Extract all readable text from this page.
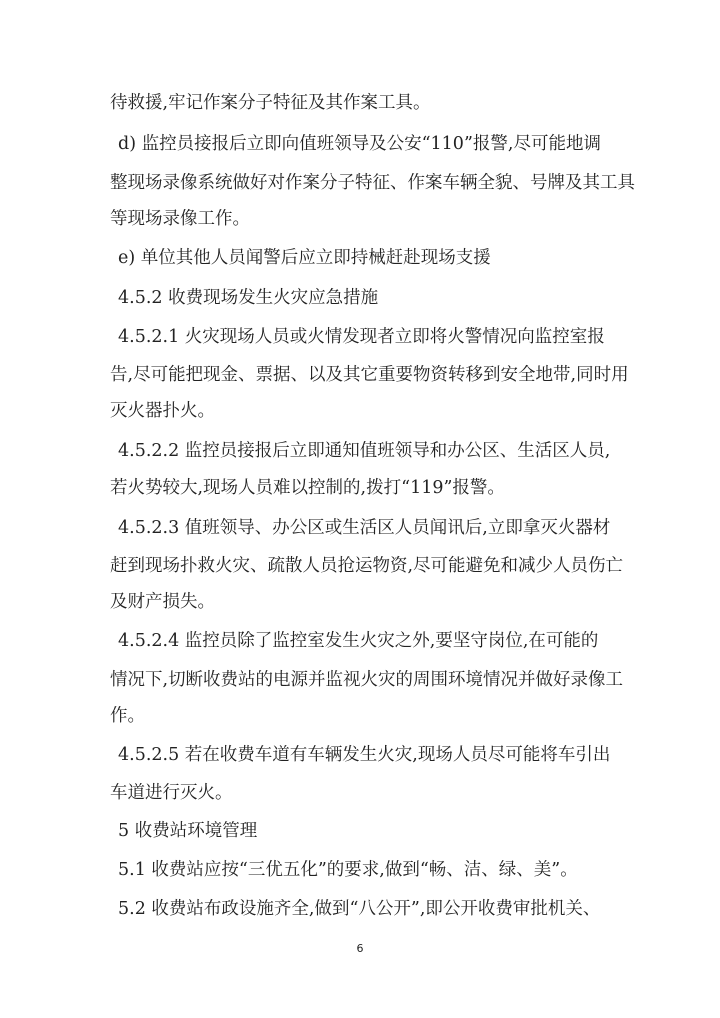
待救援,牢记作案分子特征及其作案工具。
d) 监控员接报后立即向值班领导及公安“110”报警,尽可能地调
整现场录像系统做好对作案分子特征、作案车辆全貌、号牌及其工具
等现场录像工作。
e) 单位其他人员闻警后应立即持械赶赴现场支援
4.5.2 收费现场发生火灾应急措施
4.5.2.1 火灾现场人员或火情发现者立即将火警情况向监控室报
告,尽可能把现金、票据、以及其它重要物资转移到安全地带,同时用
灭火器扑火。
4.5.2.2 监控员接报后立即通知值班领导和办公区、生活区人员,
若火势较大,现场人员难以控制的,拨打“119”报警。
4.5.2.3 值班领导、办公区或生活区人员闻讯后,立即拿灭火器材
赶到现场扑救火灾、疏散人员抢运物资,尽可能避免和减少人员伤亡
及财产损失。
4.5.2.4 监控员除了监控室发生火灾之外,要坚守岗位,在可能的
情况下,切断收费站的电源并监视火灾的周围环境情况并做好录像工
作。
4.5.2.5 若在收费车道有车辆发生火灾,现场人员尽可能将车引出
车道进行灭火。
5 收费站环境管理
5.1 收费站应按“三优五化”的要求,做到“畅、洁、绿、美”。
5.2 收费站布政设施齐全,做到“八公开”,即公开收费审批机关、
6
